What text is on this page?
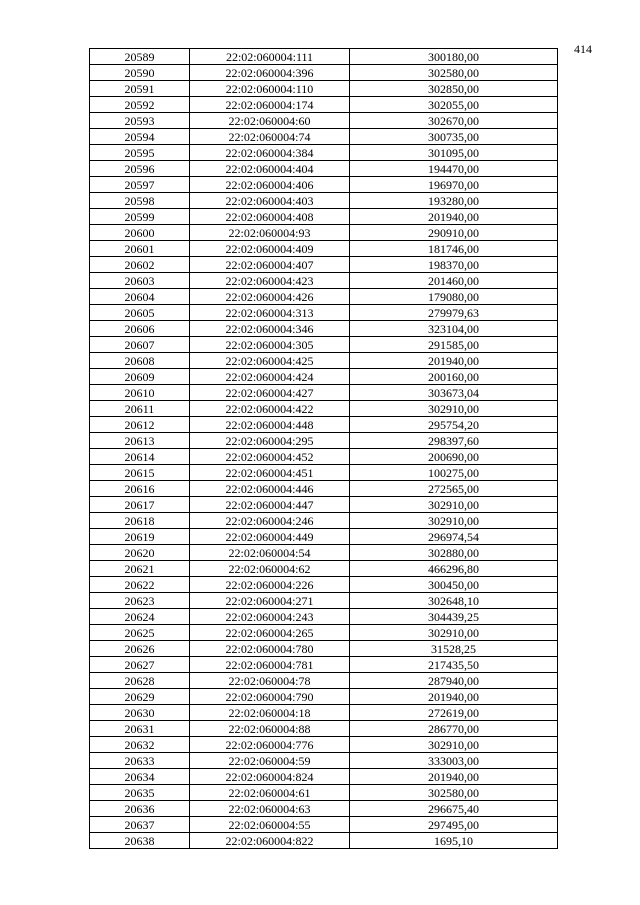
414
20589	22:02:060004:111	300180,00
20590	22:02:060004:396	302580,00
20591	22:02:060004:110	302850,00
20592	22:02:060004:174	302055,00
20593	22:02:060004:60	302670,00
20594	22:02:060004:74	300735,00
20595	22:02:060004:384	301095,00
20596	22:02:060004:404	194470,00
20597	22:02:060004:406	196970,00
20598	22:02:060004:403	193280,00
20599	22:02:060004:408	201940,00
20600	22:02:060004:93	290910,00
20601	22:02:060004:409	181746,00
20602	22:02:060004:407	198370,00
20603	22:02:060004:423	201460,00
20604	22:02:060004:426	179080,00
20605	22:02:060004:313	279979,63
20606	22:02:060004:346	323104,00
20607	22:02:060004:305	291585,00
20608	22:02:060004:425	201940,00
20609	22:02:060004:424	200160,00
20610	22:02:060004:427	303673,04
20611	22:02:060004:422	302910,00
20612	22:02:060004:448	295754,20
20613	22:02:060004:295	298397,60
20614	22:02:060004:452	200690,00
20615	22:02:060004:451	100275,00
20616	22:02:060004:446	272565,00
20617	22:02:060004:447	302910,00
20618	22:02:060004:246	302910,00
20619	22:02:060004:449	296974,54
20620	22:02:060004:54	302880,00
20621	22:02:060004:62	466296,80
20622	22:02:060004:226	300450,00
20623	22:02:060004:271	302648,10
20624	22:02:060004:243	304439,25
20625	22:02:060004:265	302910,00
20626	22:02:060004:780	31528,25
20627	22:02:060004:781	217435,50
20628	22:02:060004:78	287940,00
20629	22:02:060004:790	201940,00
20630	22:02:060004:18	272619,00
20631	22:02:060004:88	286770,00
20632	22:02:060004:776	302910,00
20633	22:02:060004:59	333003,00
20634	22:02:060004:824	201940,00
20635	22:02:060004:61	302580,00
20636	22:02:060004:63	296675,40
20637	22:02:060004:55	297495,00
20638	22:02:060004:822	1695,10
